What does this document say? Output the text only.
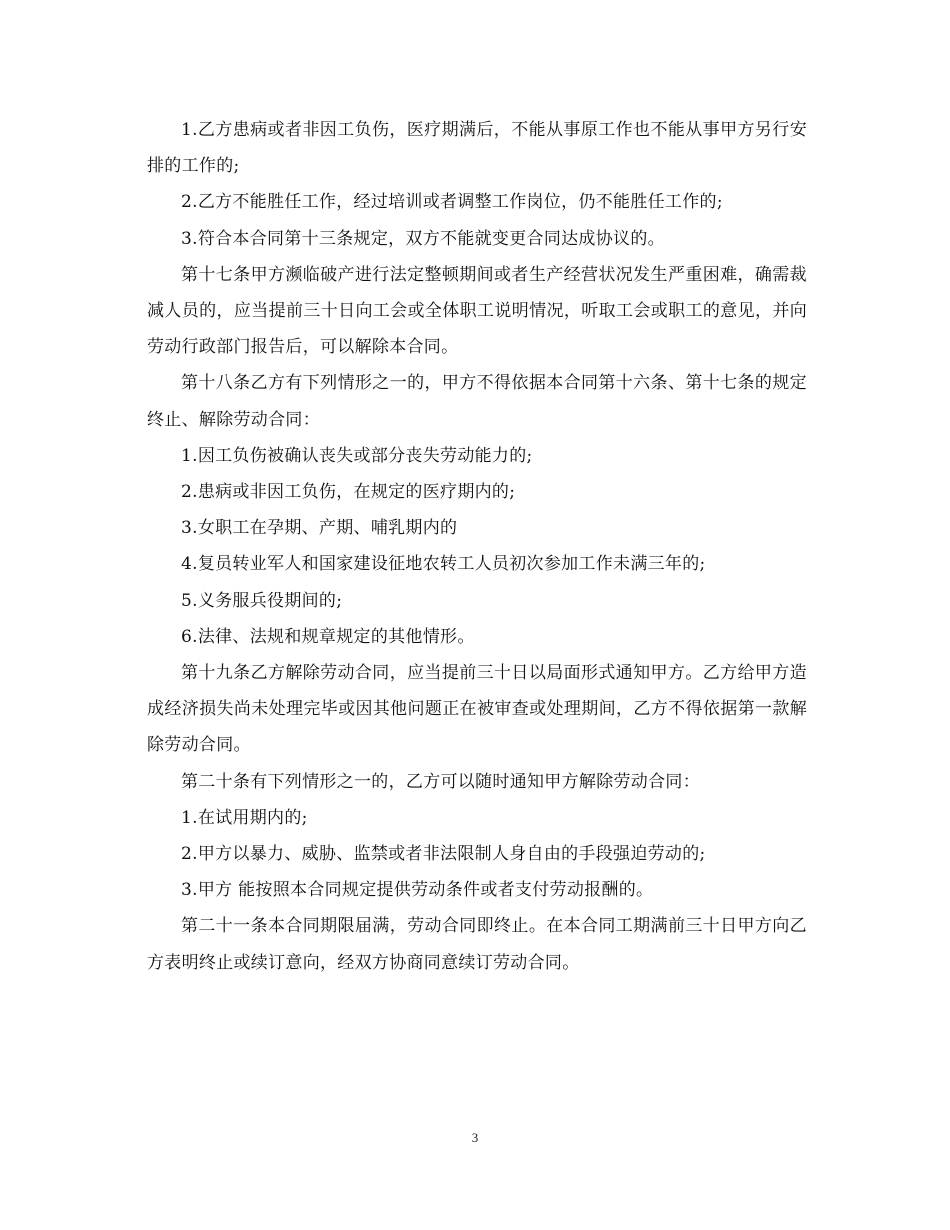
1.乙方患病或者非因工负伤，医疗期满后，不能从事原工作也不能从事甲方另行安排的工作的;

2.乙方不能胜任工作，经过培训或者调整工作岗位，仍不能胜任工作的;

3.符合本合同第十三条规定，双方不能就变更合同达成协议的。

第十七条甲方濒临破产进行法定整顿期间或者生产经营状况发生严重困难，确需裁减人员的，应当提前三十日向工会或全体职工说明情况，听取工会或职工的意见，并向劳动行政部门报告后，可以解除本合同。

第十八条乙方有下列情形之一的，甲方不得依据本合同第十六条、第十七条的规定终止、解除劳动合同：

1.因工负伤被确认丧失或部分丧失劳动能力的;

2.患病或非因工负伤，在规定的医疗期内的;

3.女职工在孕期、产期、哺乳期内的

4.复员转业军人和国家建设征地农转工人员初次参加工作未满三年的;

5.义务服兵役期间的;

6.法律、法规和规章规定的其他情形。

第十九条乙方解除劳动合同，应当提前三十日以局面形式通知甲方。乙方给甲方造成经济损失尚未处理完毕或因其他问题正在被审查或处理期间，乙方不得依据第一款解除劳动合同。

第二十条有下列情形之一的，乙方可以随时通知甲方解除劳动合同：

1.在试用期内的;

2.甲方以暴力、威胁、监禁或者非法限制人身自由的手段强迫劳动的;

3.甲方 能按照本合同规定提供劳动条件或者支付劳动报酬的。

第二十一条本合同期限届满，劳动合同即终止。在本合同工期满前三十日甲方向乙方表明终止或续订意向，经双方协商同意续订劳动合同。

3
